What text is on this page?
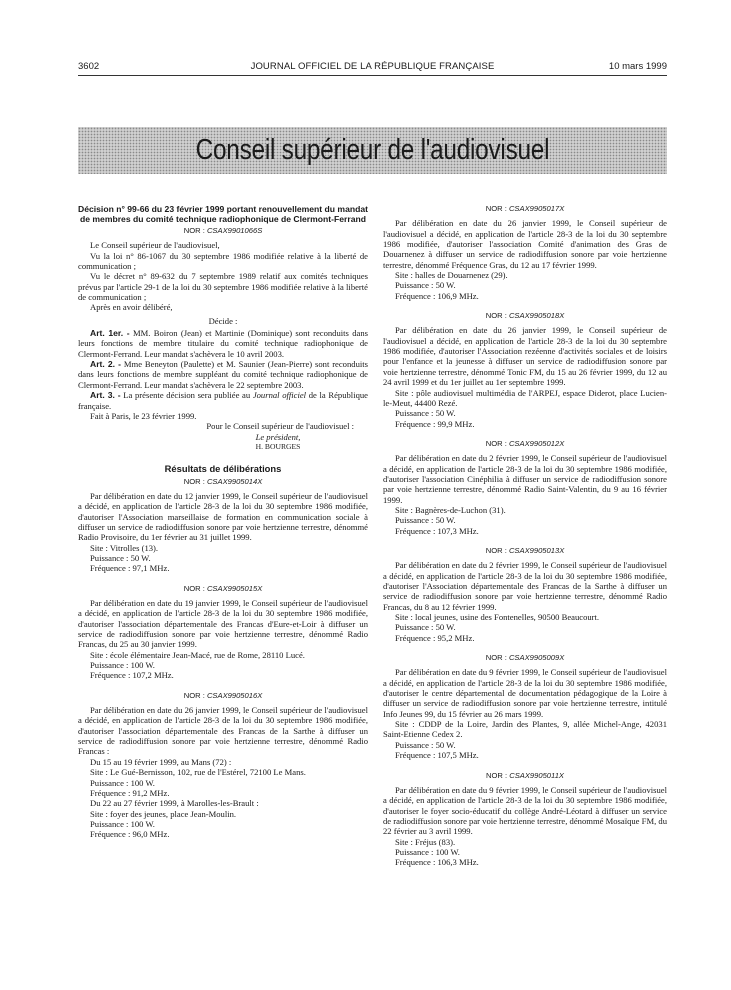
3602	JOURNAL OFFICIEL DE LA RÉPUBLIQUE FRANÇAISE	10 mars 1999
Conseil supérieur de l'audiovisuel

Décision n° 99-66 du 23 février 1999 portant renouvellement du mandat de membres du comité technique radiophonique de Clermont-Ferrand

NOR : CSAX9901066S

Le Conseil supérieur de l'audiovisuel,

Vu la loi n° 86-1067 du 30 septembre 1986 modifiée relative à la liberté de communication ;

Vu le décret n° 89-632 du 7 septembre 1989 relatif aux comités techniques prévus par l'article 29-1 de la loi du 30 septembre 1986 modifiée relative à la liberté de communication ;

Après en avoir délibéré,

Décide :

Art. 1er. - MM. Boiron (Jean) et Martinie (Dominique) sont reconduits dans leurs fonctions de membre titulaire du comité technique radiophonique de Clermont-Ferrand. Leur mandat s'achèvera le 10 avril 2003.

Art. 2. - Mme Beneyton (Paulette) et M. Saunier (Jean-Pierre) sont reconduits dans leurs fonctions de membre suppléant du comité technique radiophonique de Clermont-Ferrand. Leur mandat s'achèvera le 22 septembre 2003.

Art. 3. - La présente décision sera publiée au Journal officiel de la République française.

Fait à Paris, le 23 février 1999.

Pour le Conseil supérieur de l'audiovisuel :

Le président,

H. BOURGES

Résultats de délibérations

NOR : CSAX9905014X

Par délibération en date du 12 janvier 1999, le Conseil supérieur de l'audiovisuel a décidé, en application de l'article 28-3 de la loi du 30 septembre 1986 modifiée, d'autoriser l'Association marseillaise de formation en communication sociale à diffuser un service de radiodiffusion sonore par voie hertzienne terrestre, dénommé Radio Provisoire, du 1er février au 31 juillet 1999.

Site : Vitrolles (13).

Puissance : 50 W.

Fréquence : 97,1 MHz.

NOR : CSAX9905015X

Par délibération en date du 19 janvier 1999, le Conseil supérieur de l'audiovisuel a décidé, en application de l'article 28-3 de la loi du 30 septembre 1986 modifiée, d'autoriser l'association départementale des Francas d'Eure-et-Loir à diffuser un service de radiodiffusion sonore par voie hertzienne terrestre, dénommé Radio Francas, du 25 au 30 janvier 1999.

Site : école élémentaire Jean-Macé, rue de Rome, 28110 Lucé.

Puissance : 100 W.

Fréquence : 107,2 MHz.

NOR : CSAX9905016X

Par délibération en date du 26 janvier 1999, le Conseil supérieur de l'audiovisuel a décidé, en application de l'article 28-3 de la loi du 30 septembre 1986 modifiée, d'autoriser l'association départementale des Francas de la Sarthe à diffuser un service de radiodiffusion sonore par voie hertzienne terrestre, dénommé Radio Francas :

Du 15 au 19 février 1999, au Mans (72) :

Site : Le Gué-Bernisson, 102, rue de l'Estérel, 72100 Le Mans.

Puissance : 100 W.

Fréquence : 91,2 MHz.

Du 22 au 27 février 1999, à Marolles-les-Brault :

Site : foyer des jeunes, place Jean-Moulin.

Puissance : 100 W.

Fréquence : 96,0 MHz.

NOR : CSAX9905017X

Par délibération en date du 26 janvier 1999, le Conseil supérieur de l'audiovisuel a décidé, en application de l'article 28-3 de la loi du 30 septembre 1986 modifiée, d'autoriser l'association Comité d'animation des Gras de Douarnenez à diffuser un service de radiodiffusion sonore par voie hertzienne terrestre, dénommé Fréquence Gras, du 12 au 17 février 1999.

Site : halles de Douarnenez (29).

Puissance : 50 W.

Fréquence : 106,9 MHz.

NOR : CSAX9905018X

Par délibération en date du 26 janvier 1999, le Conseil supérieur de l'audiovisuel a décidé, en application de l'article 28-3 de la loi du 30 septembre 1986 modifiée, d'autoriser l'Association rezéenne d'activités sociales et de loisirs pour l'enfance et la jeunesse à diffuser un service de radiodiffusion sonore par voie hertzienne terrestre, dénommé Tonic FM, du 15 au 26 février 1999, du 12 au 24 avril 1999 et du 1er juillet au 1er septembre 1999.

Site : pôle audiovisuel multimédia de l'ARPEJ, espace Diderot, place Lucien-le-Meut, 44400 Rezé.

Puissance : 50 W.

Fréquence : 99,9 MHz.

NOR : CSAX9905012X

Par délibération en date du 2 février 1999, le Conseil supérieur de l'audiovisuel a décidé, en application de l'article 28-3 de la loi du 30 septembre 1986 modifiée, d'autoriser l'association Cinéphilia à diffuser un service de radiodiffusion sonore par voie hertzienne terrestre, dénommé Radio Saint-Valentin, du 9 au 16 février 1999.

Site : Bagnères-de-Luchon (31).

Puissance : 50 W.

Fréquence : 107,3 MHz.

NOR : CSAX9905013X

Par délibération en date du 2 février 1999, le Conseil supérieur de l'audiovisuel a décidé, en application de l'article 28-3 de la loi du 30 septembre 1986 modifiée, d'autoriser l'Association départementale des Francas de la Sarthe à diffuser un service de radiodiffusion sonore par voie hertzienne terrestre, dénommé Radio Francas, du 8 au 12 février 1999.

Site : local jeunes, usine des Fontenelles, 90500 Beaucourt.

Puissance : 50 W.

Fréquence : 95,2 MHz.

NOR : CSAX9905009X

Par délibération en date du 9 février 1999, le Conseil supérieur de l'audiovisuel a décidé, en application de l'article 28-3 de la loi du 30 septembre 1986 modifiée, d'autoriser le centre départemental de documentation pédagogique de la Loire à diffuser un service de radiodiffusion sonore par voie hertzienne terrestre, intitulé Info Jeunes 99, du 15 février au 26 mars 1999.

Site : CDDP de la Loire, Jardin des Plantes, 9, allée Michel-Ange, 42031 Saint-Etienne Cedex 2.

Puissance : 50 W.

Fréquence : 107,5 MHz.

NOR : CSAX9905011X

Par délibération en date du 9 février 1999, le Conseil supérieur de l'audiovisuel a décidé, en application de l'article 28-3 de la loi du 30 septembre 1986 modifiée, d'autoriser le foyer socio-éducatif du collège André-Léotard à diffuser un service de radiodiffusion sonore par voie hertzienne terrestre, dénommé Mosaïque FM, du 22 février au 3 avril 1999.

Site : Fréjus (83).

Puissance : 100 W.

Fréquence : 106,3 MHz.
